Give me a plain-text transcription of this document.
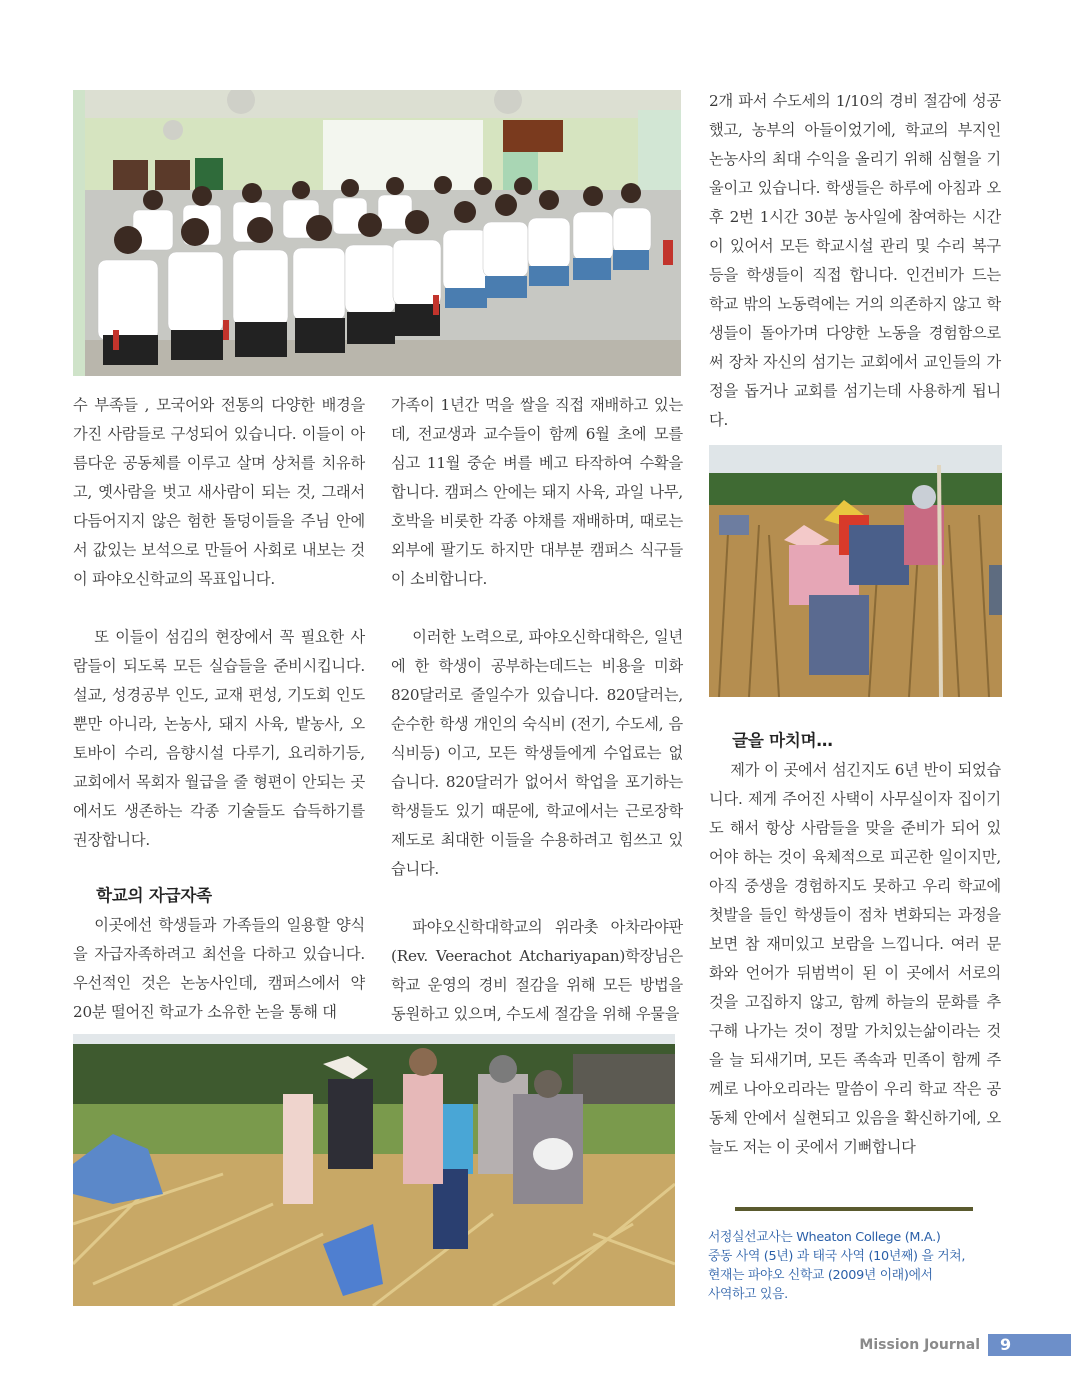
수 부족들 , 모국어와 전통의 다양한 배경을 가진 사람들로 구성되어 있습니다. 이들이 아름다운 공동체를 이루고 살며 상처를 치유하고, 옛사람을 벗고 새사람이 되는 것, 그래서 다듬어지지 않은 험한 돌덩이들을 주님 안에서 값있는 보석으로 만들어 사회로 내보는 것이 파야오신학교의 목표입니다.

또 이들이 섬김의 현장에서 꼭 필요한 사람들이 되도록 모든 실습들을 준비시킵니다. 설교, 성경공부 인도, 교재 편성, 기도회 인도뿐만 아니라, 논농사, 돼지 사육, 밭농사, 오토바이 수리, 음향시설 다루기, 요리하기등, 교회에서 목회자 월급을 줄 형편이 안되는 곳에서도 생존하는 각종 기술들도 습득하기를 권장합니다.

학교의 자급자족

이곳에선 학생들과 가족들의 일용할 양식을 자급자족하려고 최선을 다하고 있습니다. 우선적인 것은 논농사인데, 캠퍼스에서 약 20분 떨어진 학교가 소유한 논을 통해 대

가족이 1년간 먹을 쌀을 직접 재배하고 있는데, 전교생과 교수들이 함께 6월 초에 모를 심고 11월 중순 벼를 베고 타작하여 수확을 합니다. 캠퍼스 안에는 돼지 사육, 과일 나무, 호박을 비롯한 각종 야채를 재배하며, 때로는 외부에 팔기도 하지만 대부분 캠퍼스 식구들이 소비합니다.

이러한 노력으로, 파야오신학대학은, 일년에 한 학생이 공부하는데드는 비용을 미화 820달러로 줄일수가 있습니다. 820달러는, 순수한 학생 개인의 숙식비 (전기, 수도세, 음식비등) 이고, 모든 학생들에게 수업료는 없습니다. 820달러가 없어서 학업을 포기하는 학생들도 있기 때문에, 학교에서는 근로장학제도로 최대한 이들을 수용하려고 힘쓰고 있습니다.

파야오신학대학교의 위라촛 아차라야판 (Rev. Veerachot Atchariyapan)학장님은 학교 운영의 경비 절감을 위해 모든 방법을 동원하고 있으며, 수도세 절감을 위해 우물을

2개 파서 수도세의 1/10의 경비 절감에 성공했고, 농부의 아들이었기에, 학교의 부지인 논농사의 최대 수익을 올리기 위해 심혈을 기울이고 있습니다. 학생들은 하루에 아침과 오후 2번 1시간 30분 농사일에 참여하는 시간이 있어서 모든 학교시설 관리 및 수리 복구등을 학생들이 직접 합니다. 인건비가 드는 학교 밖의 노동력에는 거의 의존하지 않고 학생들이 돌아가며 다양한 노동을 경험함으로써 장차 자신의 섬기는 교회에서 교인들의 가정을 돕거나 교회를 섬기는데 사용하게 됩니다.

글을 마치며…

제가 이 곳에서 섬긴지도 6년 반이 되었습니다. 제게 주어진 사택이 사무실이자 집이기도 해서 항상 사람들을 맞을 준비가 되어 있어야 하는 것이 육체적으로 피곤한 일이지만, 아직 중생을 경험하지도 못하고 우리 학교에 첫발을 들인 학생들이 점차 변화되는 과정을 보면 참 재미있고 보람을 느낍니다. 여러 문화와 언어가 뒤범벅이 된 이 곳에서 서로의 것을 고집하지 않고, 함께 하늘의 문화를 추구해 나가는 것이 정말 가치있는삶이라는 것을 늘 되새기며, 모든 족속과 민족이 함께 주께로 나아오리라는 말씀이 우리 학교 작은 공동체 안에서 실현되고 있음을 확신하기에, 오늘도 저는 이 곳에서 기뻐합니다

서정실선교사는 Wheaton College (M.A.)
중동 사역 (5년) 과 태국 사역 (10년째) 을 거쳐,
현재는 파야오 신학교 (2009년 이래)에서
사역하고 있음.
Mission Journal	9
